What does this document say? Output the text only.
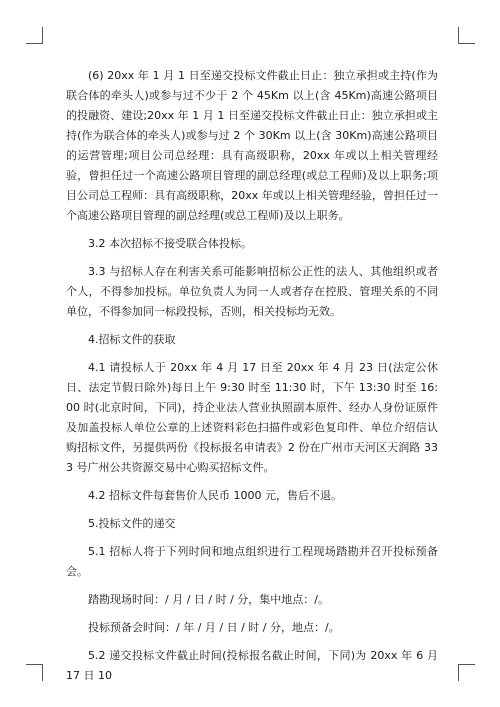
(6) 20xx 年 1 月 1 日至递交投标文件截止日止：独立承担或主持(作为联合体的牵头人)或参与过不少于 2 个 45Km 以上(含 45Km)高速公路项目的投融资、建设;20xx 年 1 月 1 日至递交投标文件截止日止：独立承担或主持(作为联合体的牵头人)或参与过 2 个 30Km 以上(含 30Km)高速公路项目的运营管理;项目公司总经理：具有高级职称，20xx 年或以上相关管理经验，曾担任过一个高速公路项目管理的副总经理(或总工程师)及以上职务;项目公司总工程师：具有高级职称，20xx 年或以上相关管理经验，曾担任过一个高速公路项目管理的副总经理(或总工程师)及以上职务。

3.2 本次招标不接受联合体投标。

3.3 与招标人存在利害关系可能影响招标公正性的法人、其他组织或者个人，不得参加投标。单位负责人为同一人或者存在控股、管理关系的不同单位，不得参加同一标段投标，否则，相关投标均无效。

4.招标文件的获取

4.1 请投标人于 20xx 年 4 月 17 日至 20xx 年 4 月 23 日(法定公休日、法定节假日除外)每日上午 9:30 时至 11:30 时，下午 13:30 时至 16:00 时(北京时间，下同)，持企业法人营业执照副本原件、经办人身份证原件及加盖投标人单位公章的上述资料彩色扫描件或彩色复印件、单位介绍信认购招标文件，另提供两份《投标报名申请表》2 份在广州市天河区天润路 333 号广州公共资源交易中心购买招标文件。

4.2 招标文件每套售价人民币 1000 元，售后不退。

5.投标文件的递交

5.1 招标人将于下列时间和地点组织进行工程现场踏勘并召开投标预备会。

踏勘现场时间：/ 月 / 日 / 时 / 分，集中地点：/。

投标预备会时间：/ 年 / 月 / 日 / 时 / 分，地点：/。

5.2 递交投标文件截止时间(投标报名截止时间，下同)为 20xx 年 6 月 17 日 10
